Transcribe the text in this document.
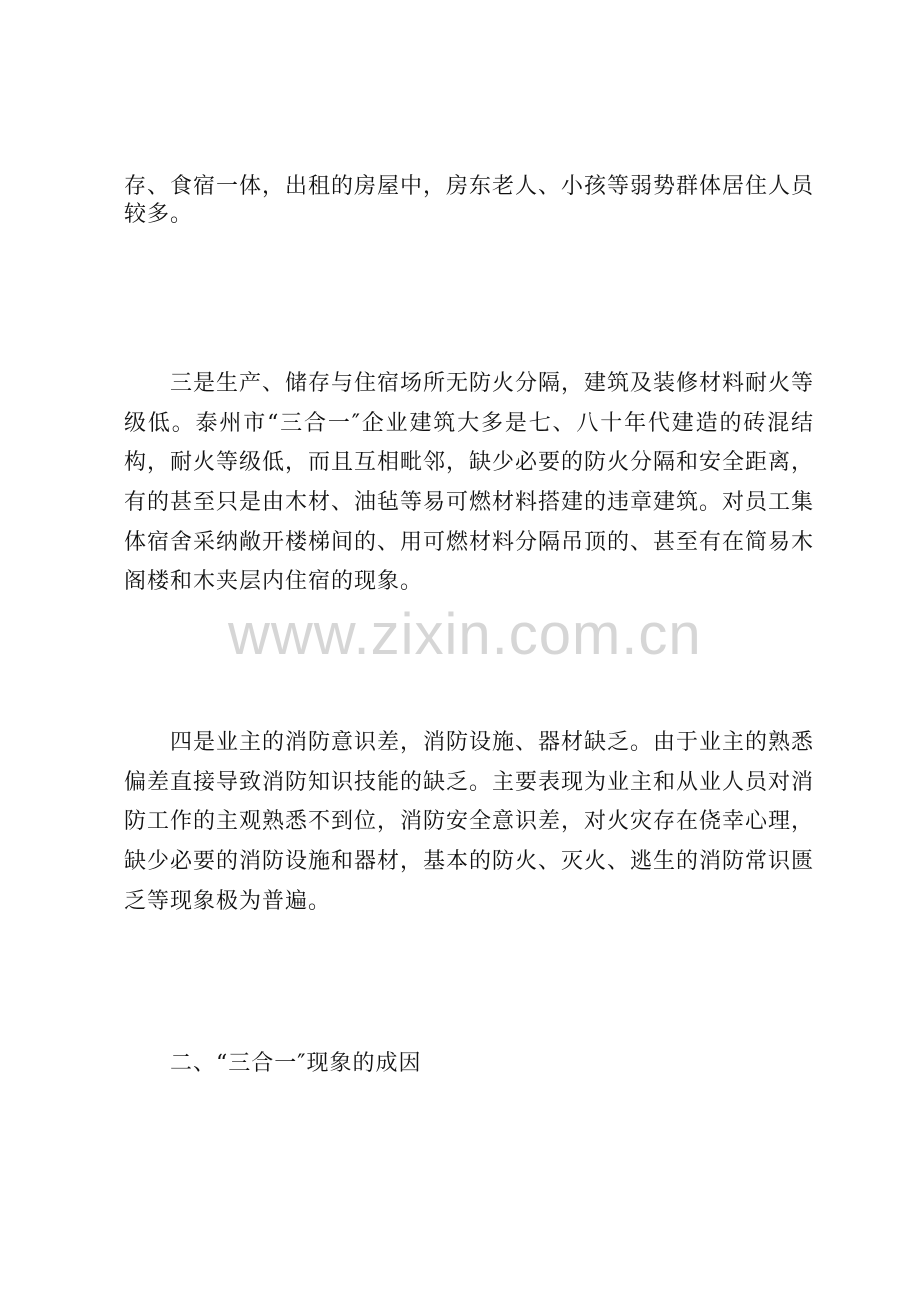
存、食宿一体，出租的房屋中，房东老人、小孩等弱势群体居住人员
较多。
三是生产、储存与住宿场所无防火分隔，建筑及装修材料耐火等
级低。泰州市“三合一″企业建筑大多是七、八十年代建造的砖混结
构，耐火等级低，而且互相毗邻，缺少必要的防火分隔和安全距离，
有的甚至只是由木材、油毡等易可燃材料搭建的违章建筑。对员工集
体宿舍采纳敞开楼梯间的、用可燃材料分隔吊顶的、甚至有在简易木
阁楼和木夹层内住宿的现象。
四是业主的消防意识差，消防设施、器材缺乏。由于业主的熟悉
偏差直接导致消防知识技能的缺乏。主要表现为业主和从业人员对消
防工作的主观熟悉不到位，消防安全意识差，对火灾存在侥幸心理，
缺少必要的消防设施和器材，基本的防火、灭火、逃生的消防常识匮
乏等现象极为普遍。
二、“三合一″现象的成因
www.zixin.com.cn
